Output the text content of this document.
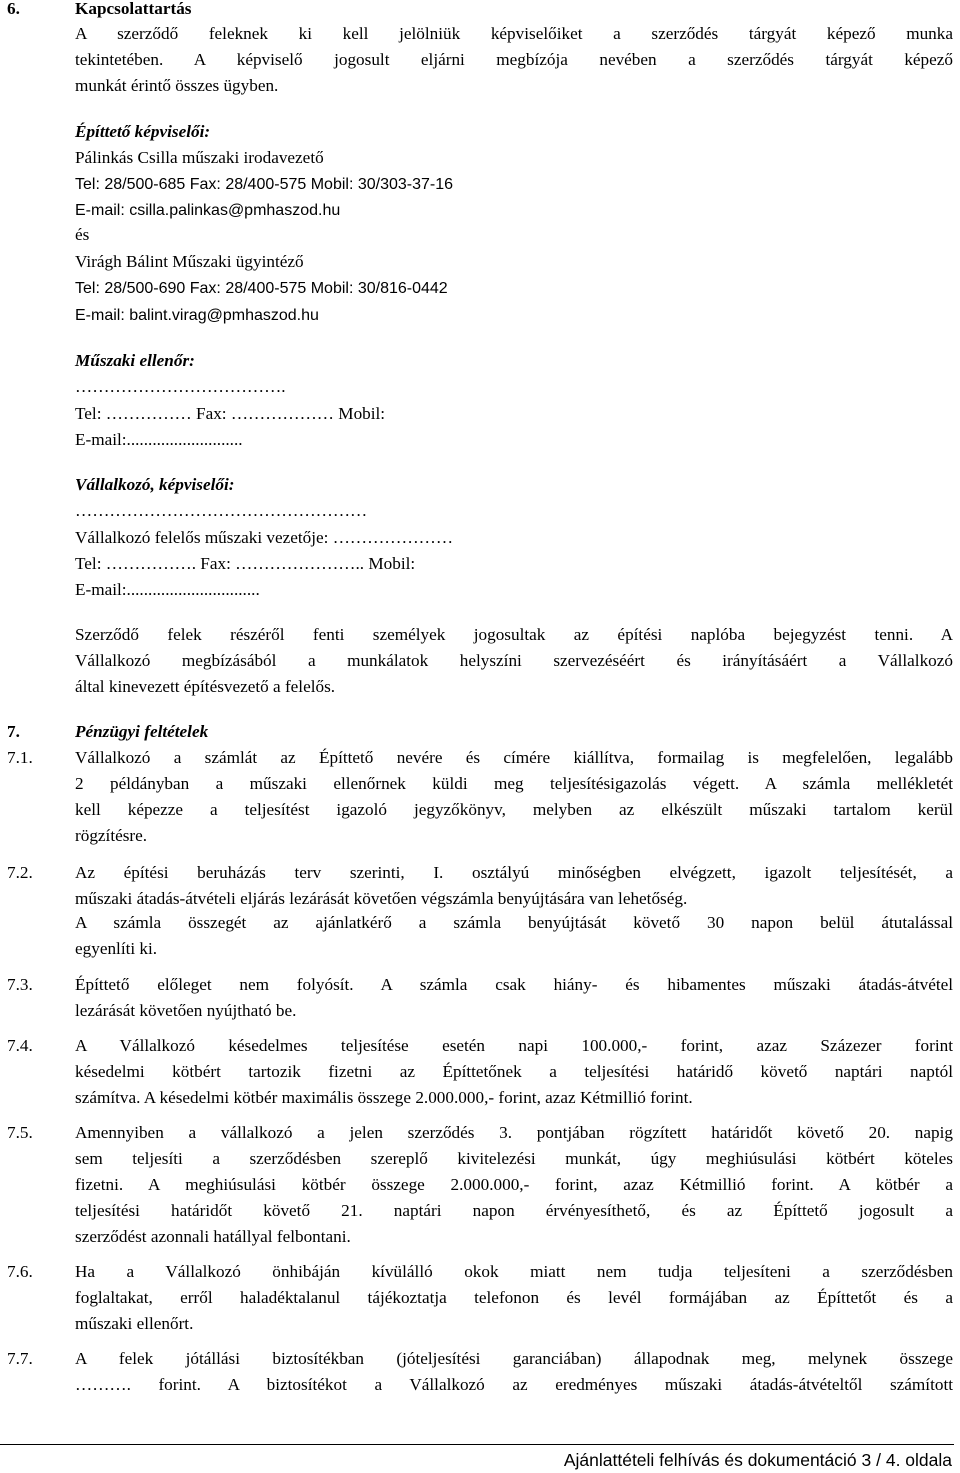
6.	Kapcsolattartás
A szerződő feleknek ki kell jelölniük képviselőiket a szerződés tárgyát képező munka
tekintetében. A képviselő jogosult eljárni megbízója nevében a szerződés tárgyát képező
munkát érintő összes ügyben.
Építtető képviselői:
Pálinkás Csilla műszaki irodavezető
Tel: 28/500-685 Fax: 28/400-575 Mobil: 30/303-37-16
E-mail: csilla.palinkas@pmhaszod.hu
és
Virágh Bálint Műszaki ügyintéző
Tel: 28/500-690 Fax: 28/400-575 Mobil: 30/816-0442
E-mail: balint.virag@pmhaszod.hu
Műszaki ellenőr:
……………………………….
Tel: …………… Fax: ……………… Mobil:
E-mail:...........................
Vállalkozó, képviselői:
……………………………………………
Vállalkozó felelős műszaki vezetője: …………………
Tel: ……………. Fax: ………………….. Mobil:
E-mail:...............................
Szerződő felek részéről fenti személyek jogosultak az építési naplóba bejegyzést tenni. A
Vállalkozó megbízásából a munkálatok helyszíni szervezéséért és irányításáért a Vállalkozó
által kinevezett építésvezető a felelős.
7.	Pénzügyi feltételek
7.1. Vállalkozó a számlát az Építtető nevére és címére kiállítva, formailag is megfelelően, legalább
2 példányban a műszaki ellenőrnek küldi meg teljesítésigazolás végett. A számla mellékletét
kell képezze a teljesítést igazoló jegyzőkönyv, melyben az elkészült műszaki tartalom kerül
rögzítésre.
7.2. Az építési beruházás terv szerinti, I. osztályú minőségben elvégzett, igazolt teljesítését, a
műszaki átadás-átvételi eljárás lezárását követően végszámla benyújtására van lehetőség.
A számla összegét az ajánlatkérő a számla benyújtását követő 30 napon belül átutalással
egyenlíti ki.
7.3. Építtető előleget nem folyósít. A számla csak hiány- és hibamentes műszaki átadás-átvétel
lezárását követően nyújtható be.
7.4. A Vállalkozó késedelmes teljesítése esetén napi 100.000,- forint, azaz Százezer forint
késedelmi kötbért tartozik fizetni az Építtetőnek a teljesítési határidő követő naptári naptól
számítva. A késedelmi kötbér maximális összege 2.000.000,- forint, azaz Kétmillió forint.
7.5. Amennyiben a vállalkozó a jelen szerződés 3. pontjában rögzített határidőt követő 20. napig
sem teljesíti a szerződésben szereplő kivitelezési munkát, úgy meghiúsulási kötbért köteles
fizetni. A meghiúsulási kötbér összege 2.000.000,- forint, azaz Kétmillió forint. A kötbér a
teljesítési határidőt követő 21. naptári napon érvényesíthető, és az Építtető jogosult a
szerződést azonnali hatállyal felbontani.
7.6. Ha a Vállalkozó önhibáján kívülálló okok miatt nem tudja teljesíteni a szerződésben
foglaltakat, erről haladéktalanul tájékoztatja telefonon és levél formájában az Építtetőt és a
műszaki ellenőrt.
7.7. A felek jótállási biztosítékban (jóteljesítési garanciában) állapodnak meg, melynek összege
………. forint. A biztosítékot a Vállalkozó az eredményes műszaki átadás-átvételtől számított
Ajánlattételi felhívás és dokumentáció 3 / 4. oldala
